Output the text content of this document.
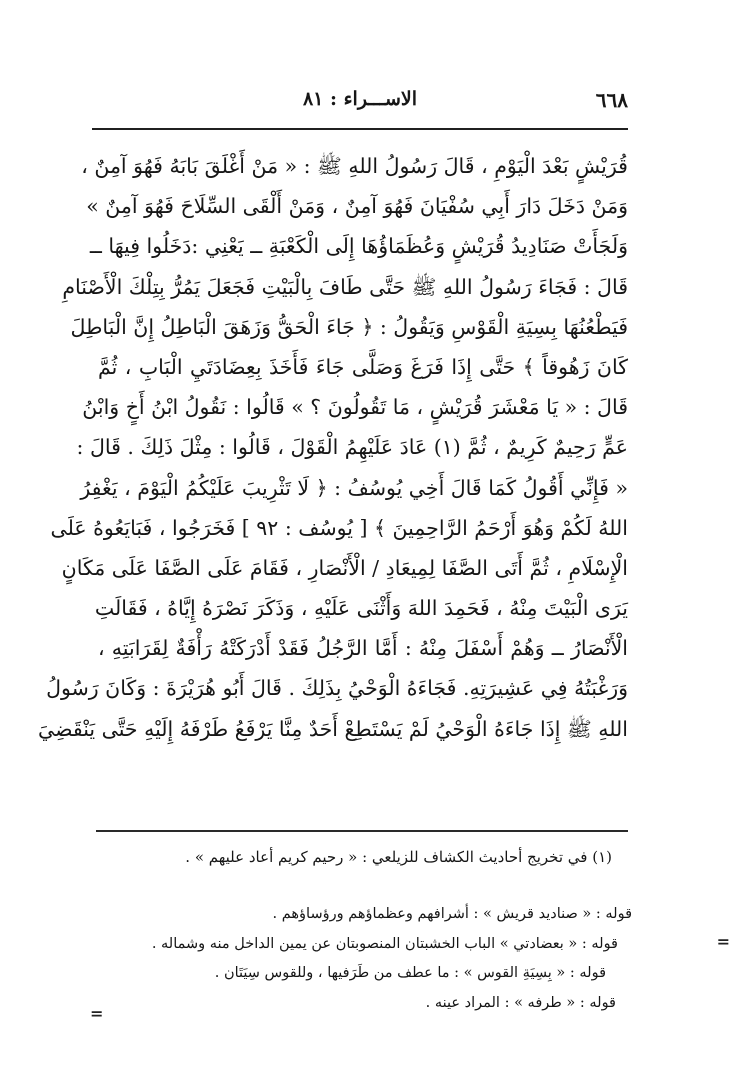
٦٦٨
الاســـراء : ٨١
قُرَيْشٍ بَعْدَ الْيَوْمِ ، قَالَ رَسُولُ اللهِ ﷺ : « مَنْ أَغْلَقَ بَابَهُ فَهُوَ آمِنٌ ،
وَمَنْ دَخَلَ دَارَ أَبِي سُفْيَانَ فَهُوَ آمِنٌ ، وَمَنْ أَلْقَى السِّلَاحَ فَهُوَ آمِنٌ »
وَلَجَأَتْ صَنَادِيدُ قُرَيْشٍ وَعُظَمَاؤُهَا إِلَى الْكَعْبَةِ ــ يَعْنِي :دَخَلُوا فِيهَا ــ
قَالَ : فَجَاءَ رَسُولُ اللهِ ﷺ حَتَّى طَافَ بِالْبَيْتِ فَجَعَلَ يَمُرُّ بِتِلْكَ الْأَصْنَامِ
فَيَطْعُنُهَا بِسِيَةِ الْقَوْسِ وَيَقُولُ : ﴿ جَاءَ الْحَقُّ وَزَهَقَ الْبَاطِلُ إِنَّ الْبَاطِلَ
كَانَ زَهُوقاً ﴾ حَتَّى إِذَا فَرَغَ وَصَلَّى جَاءَ فَأَخَذَ بِعِضَادَتَيِ الْبَابِ ، ثُمَّ
قَالَ : « يَا مَعْشَرَ قُرَيْشٍ ، مَا تَقُولُونَ ؟ » قَالُوا : نَقُولُ ابْنُ أَخٍ وَابْنُ
عَمٍّ رَحِيمٌ كَرِيمٌ ، ثُمَّ (١) عَادَ عَلَيْهِمُ الْقَوْلَ ، قَالُوا : مِثْلَ ذَلِكَ . قَالَ :
« فَإِنِّي أَقُولُ كَمَا قَالَ أَخِي يُوسُفُ : ﴿ لَا تَثْرِيبَ عَلَيْكُمُ الْيَوْمَ ، يَغْفِرُ
اللهُ لَكُمْ وَهُوَ أَرْحَمُ الرَّاحِمِينَ ﴾ [ يُوسُف : ٩٢ ] فَخَرَجُوا ، فَبَايَعُوهُ عَلَى
الْإِسْلَامِ ، ثُمَّ أَتَى الصَّفَا لِمِيعَادِ / الْأَنْصَارِ ، فَقَامَ عَلَى الصَّفَا عَلَى مَكَانٍ
يَرَى الْبَيْتَ مِنْهُ ، فَحَمِدَ اللهَ وَأَثْنَى عَلَيْهِ ، وَذَكَرَ نَصْرَهُ إِيَّاهُ ، فَقَالَتِ
الْأَنْصَارُ ــ وَهُمْ أَسْفَلَ مِنْهُ : أَمَّا الرَّجُلُ فَقَدْ أَدْرَكَتْهُ رَأْفَةٌ لِقَرَابَتِهِ ،
وَرَغْبَتُهُ فِي عَشِيرَتِهِ. فَجَاءَهُ الْوَحْيُ بِذَلِكَ . قَالَ أَبُو هُرَيْرَةَ : وَكَانَ رَسُولُ
اللهِ ﷺ إِذَا جَاءَهُ الْوَحْيُ لَمْ يَسْتَطِعْ أَحَدٌ مِنَّا يَرْفَعُ طَرْفَهُ إِلَيْهِ حَتَّى يَنْقَضِيَ
(١) في تخريج أحاديث الكشاف للزيلعي : « رحيم كريم أعاد عليهم » .
=
=
قوله : « صناديد قريش » : أشرافهم وعظماؤهم ورؤساؤهم .
قوله : « بعضادتي » الباب الخشبتان المنصوبتان عن يمين الداخل منه وشماله .
قوله : « بِسِيَةِ القوس » : ما عطف من طَرَفيها ، وللقوس سِيَتَان .
قوله : « طرفه » : المراد عينه .
